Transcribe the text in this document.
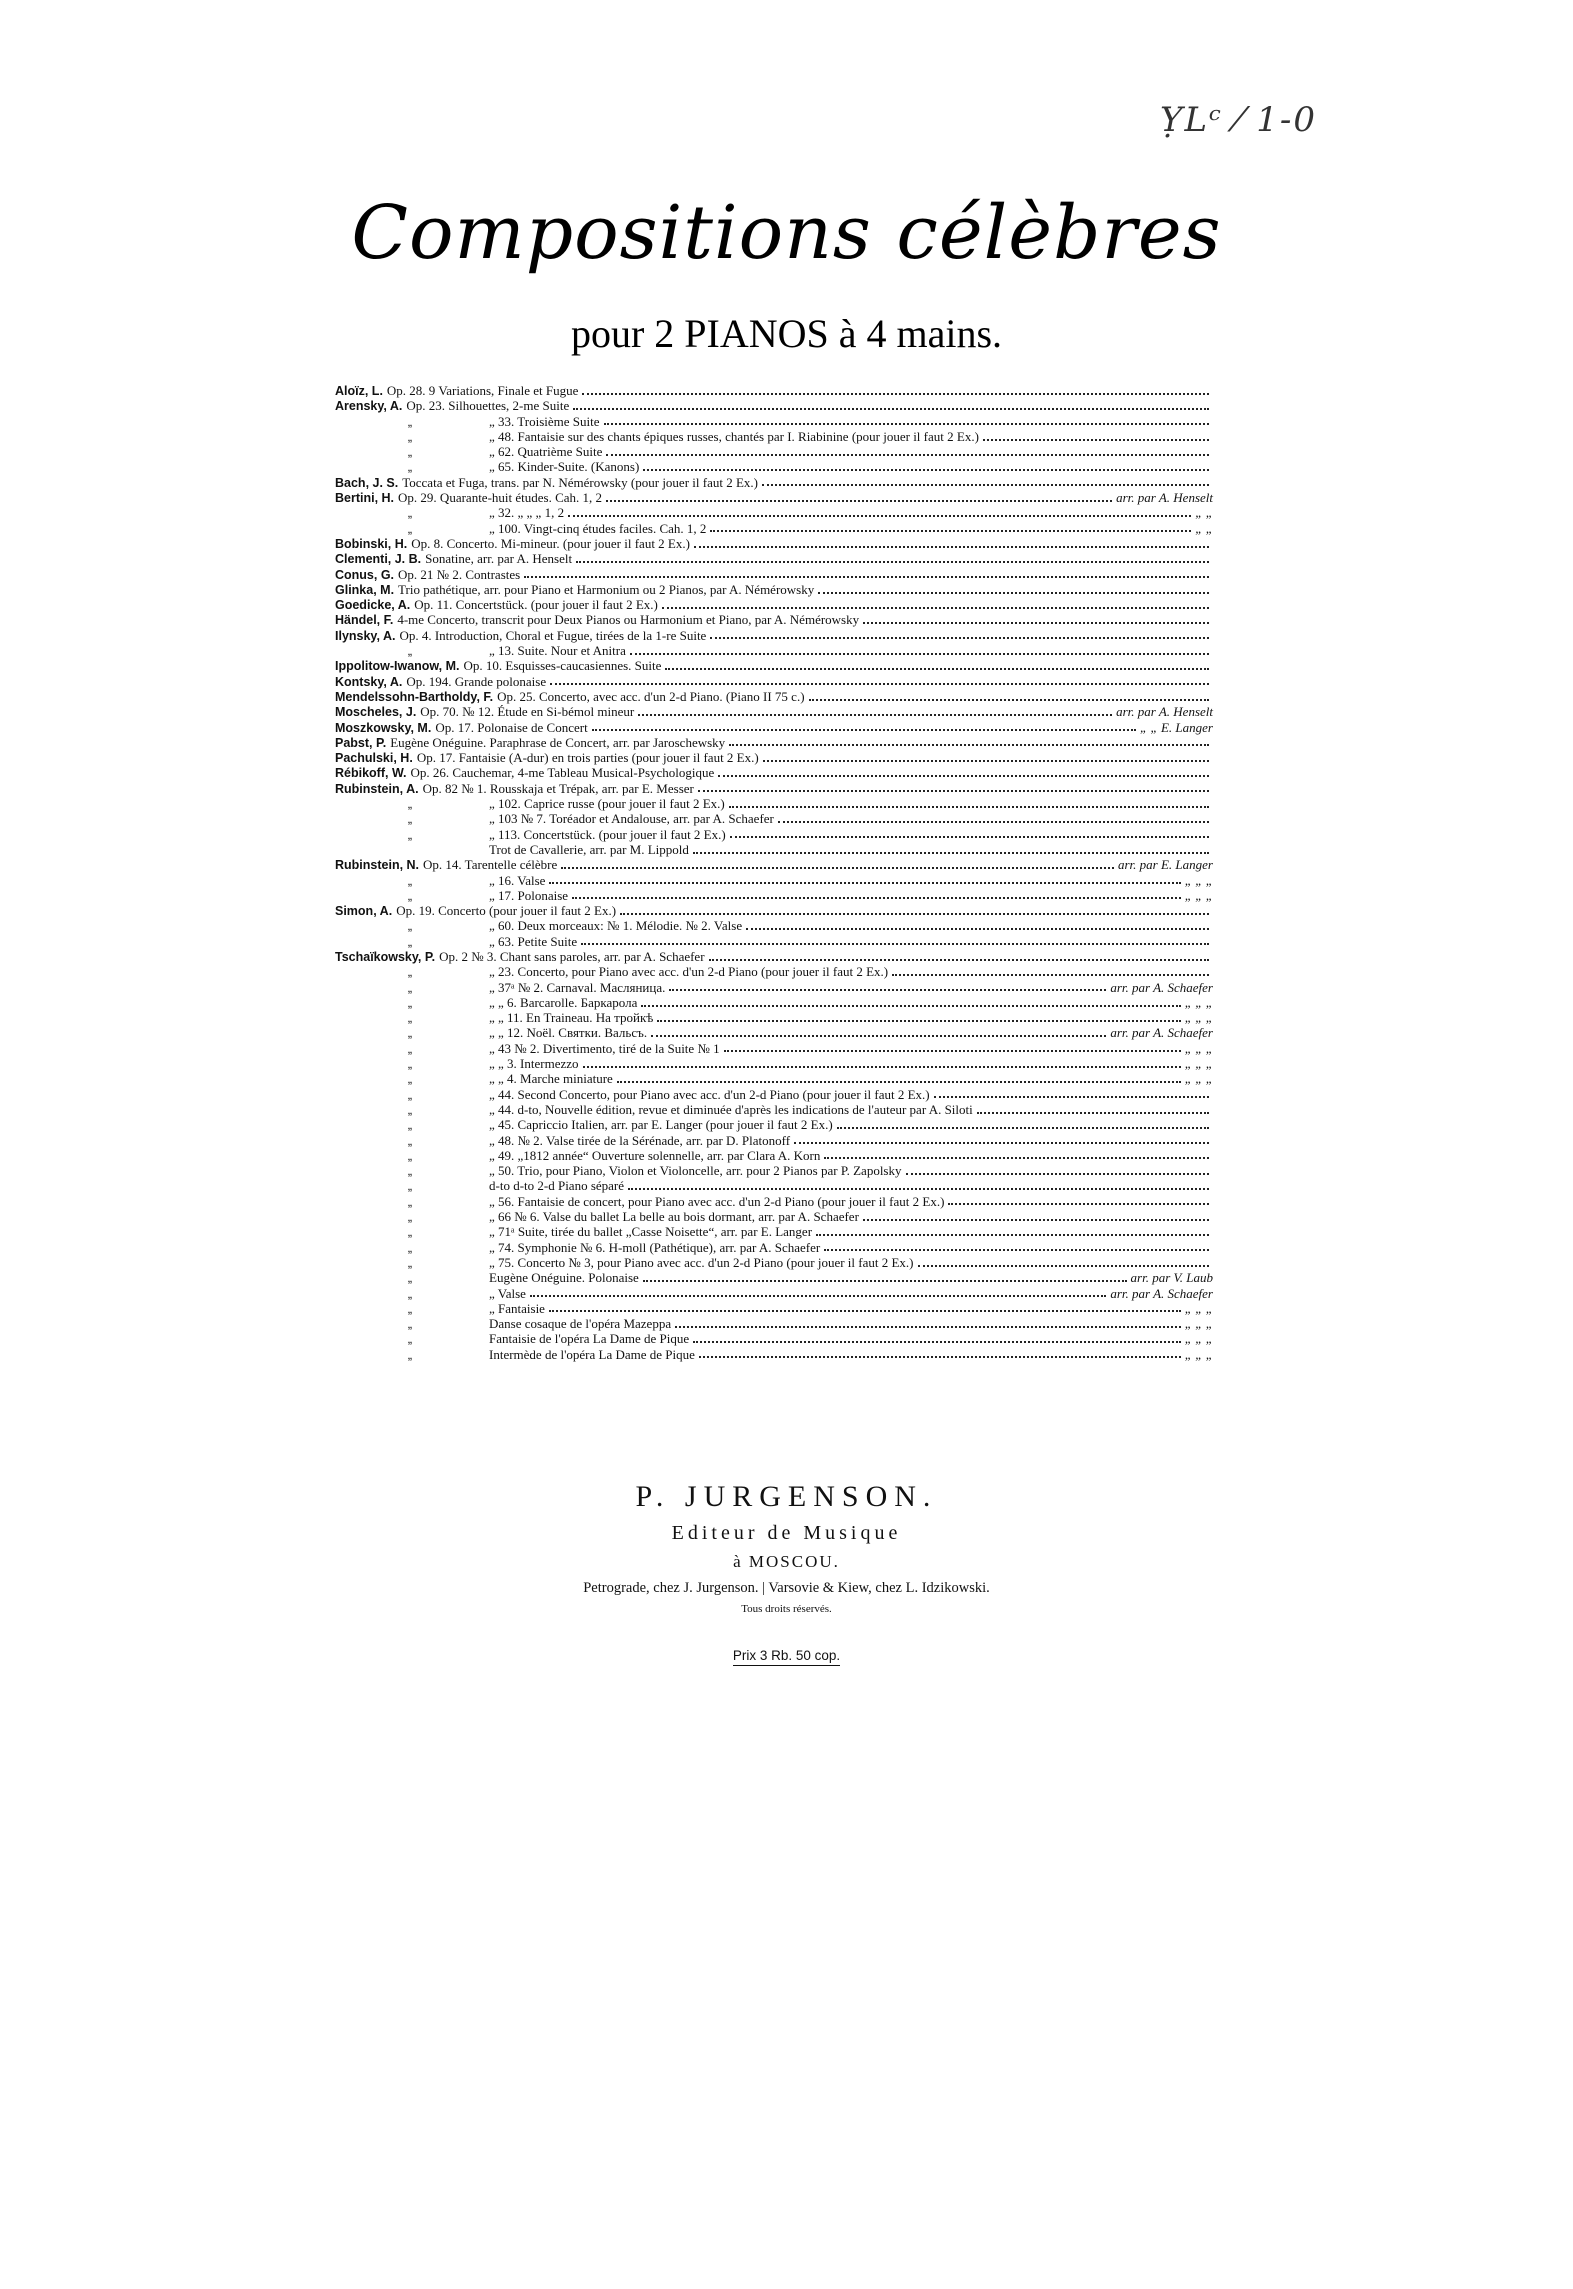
ỴLᶜ ⁄ 1-0
Compositions célèbres
pour 2 PIANOS à 4 mains.
Aloïz, L. Op. 28. 9 Variations, Finale et Fugue
Arensky, A. Op. 23. Silhouettes, 2-me Suite
„	„ 33. Troisième Suite
„	„ 48. Fantaisie sur des chants épiques russes, chantés par I. Riabinine (pour jouer il faut 2 Ex.)
„	„ 62. Quatrième Suite
„	„ 65. Kinder-Suite. (Kanons)
Bach, J. S. Toccata et Fuga, trans. par N. Némérowsky (pour jouer il faut 2 Ex.)
Bertini, H. Op. 29. Quarante-huit études. Cah. 1, 2	arr. par A. Henselt
„	„ 32. „ „ „ 1, 2	„ „
„	„ 100. Vingt-cinq études faciles. Cah. 1, 2	„ „
Bobinski, H. Op. 8. Concerto. Mi-mineur. (pour jouer il faut 2 Ex.)
Clementi, J. B. Sonatine, arr. par A. Henselt
Conus, G. Op. 21 № 2. Contrastes
Glinka, M. Trio pathétique, arr. pour Piano et Harmonium ou 2 Pianos, par A. Némérowsky
Goedicke, A. Op. 11. Concertstück. (pour jouer il faut 2 Ex.)
Händel, F. 4-me Concerto, transcrit pour Deux Pianos ou Harmonium et Piano, par A. Némérowsky
Ilynsky, A. Op. 4. Introduction, Choral et Fugue, tirées de la 1-re Suite
„	„ 13. Suite. Nour et Anitra
Ippolitow-Iwanow, M. Op. 10. Esquisses-caucasiennes. Suite
Kontsky, A. Op. 194. Grande polonaise
Mendelssohn-Bartholdy, F. Op. 25. Concerto, avec acc. d'un 2-d Piano. (Piano II 75 c.)
Moscheles, J. Op. 70. № 12. Étude en Si-bémol mineur	arr. par A. Henselt
Moszkowsky, M. Op. 17. Polonaise de Concert	„ „ E. Langer
Pabst, P. Eugène Onéguine. Paraphrase de Concert, arr. par Jaroschewsky
Pachulski, H. Op. 17. Fantaisie (A-dur) en trois parties (pour jouer il faut 2 Ex.)
Rébikoff, W. Op. 26. Cauchemar, 4-me Tableau Musical-Psychologique
Rubinstein, A. Op. 82 № 1. Rousskaja et Trépak, arr. par E. Messer
„	„ 102. Caprice russe (pour jouer il faut 2 Ex.)
„	„ 103 № 7. Toréador et Andalouse, arr. par A. Schaefer
„	„ 113. Concertstück. (pour jouer il faut 2 Ex.)
Trot de Cavallerie, arr. par M. Lippold
Rubinstein, N. Op. 14. Tarentelle célèbre	arr. par E. Langer
„	„ 16. Valse	„ „ „
„	„ 17. Polonaise	„ „ „
Simon, A. Op. 19. Concerto (pour jouer il faut 2 Ex.)
„	„ 60. Deux morceaux: № 1. Mélodie. № 2. Valse
„	„ 63. Petite Suite
Tschaïkowsky, P. Op. 2 № 3. Chant sans paroles, arr. par A. Schaefer
„	„ 23. Concerto, pour Piano avec acc. d'un 2-d Piano (pour jouer il faut 2 Ex.)
„	„ 37ᵃ № 2. Carnaval. Масляница.	arr. par A. Schaefer
„	„ „ 6. Barcarolle. Баркарола	„ „ „
„	„ „ 11. En Traineau. На тройкѣ	„ „ „
„	„ „ 12. Noël. Святки. Вальсъ.	arr. par A. Schaefer
„	„ 43 № 2. Divertimento, tiré de la Suite № 1	„ „ „
„	„ „ 3. Intermezzo	„ „ „
„	„ „ 4. Marche miniature	„ „ „
„	„ 44. Second Concerto, pour Piano avec acc. d'un 2-d Piano (pour jouer il faut 2 Ex.)
„	„ 44. d-to, Nouvelle édition, revue et diminuée d'après les indications de l'auteur par A. Siloti
„	„ 45. Capriccio Italien, arr. par E. Langer (pour jouer il faut 2 Ex.)
„	„ 48. № 2. Valse tirée de la Sérénade, arr. par D. Platonoff
„	„ 49. „1812 année“ Ouverture solennelle, arr. par Clara A. Korn
„	„ 50. Trio, pour Piano, Violon et Violoncelle, arr. pour 2 Pianos par P. Zapolsky
„	d-to d-to 2-d Piano séparé
„	„ 56. Fantaisie de concert, pour Piano avec acc. d'un 2-d Piano (pour jouer il faut 2 Ex.)
„	„ 66 № 6. Valse du ballet La belle au bois dormant, arr. par A. Schaefer
„	„ 71ᵃ Suite, tirée du ballet „Casse Noisette“, arr. par E. Langer
„	„ 74. Symphonie № 6. H-moll (Pathétique), arr. par A. Schaefer
„	„ 75. Concerto № 3, pour Piano avec acc. d'un 2-d Piano (pour jouer il faut 2 Ex.)
„	Eugène Onéguine. Polonaise	arr. par V. Laub
„	„ Valse	arr. par A. Schaefer
„	„ Fantaisie	„ „ „
„	Danse cosaque de l'opéra Mazeppa	„ „ „
„	Fantaisie de l'opéra La Dame de Pique	„ „ „
„	Intermède de l'opéra La Dame de Pique	„ „ „
P. JURGENSON.
Editeur de Musique
à MOSCOU.
Petrograde, chez J. Jurgenson. | Varsovie & Kiew, chez L. Idzikowski.
Tous droits réservés.
Prix 3 Rb. 50 cop.
